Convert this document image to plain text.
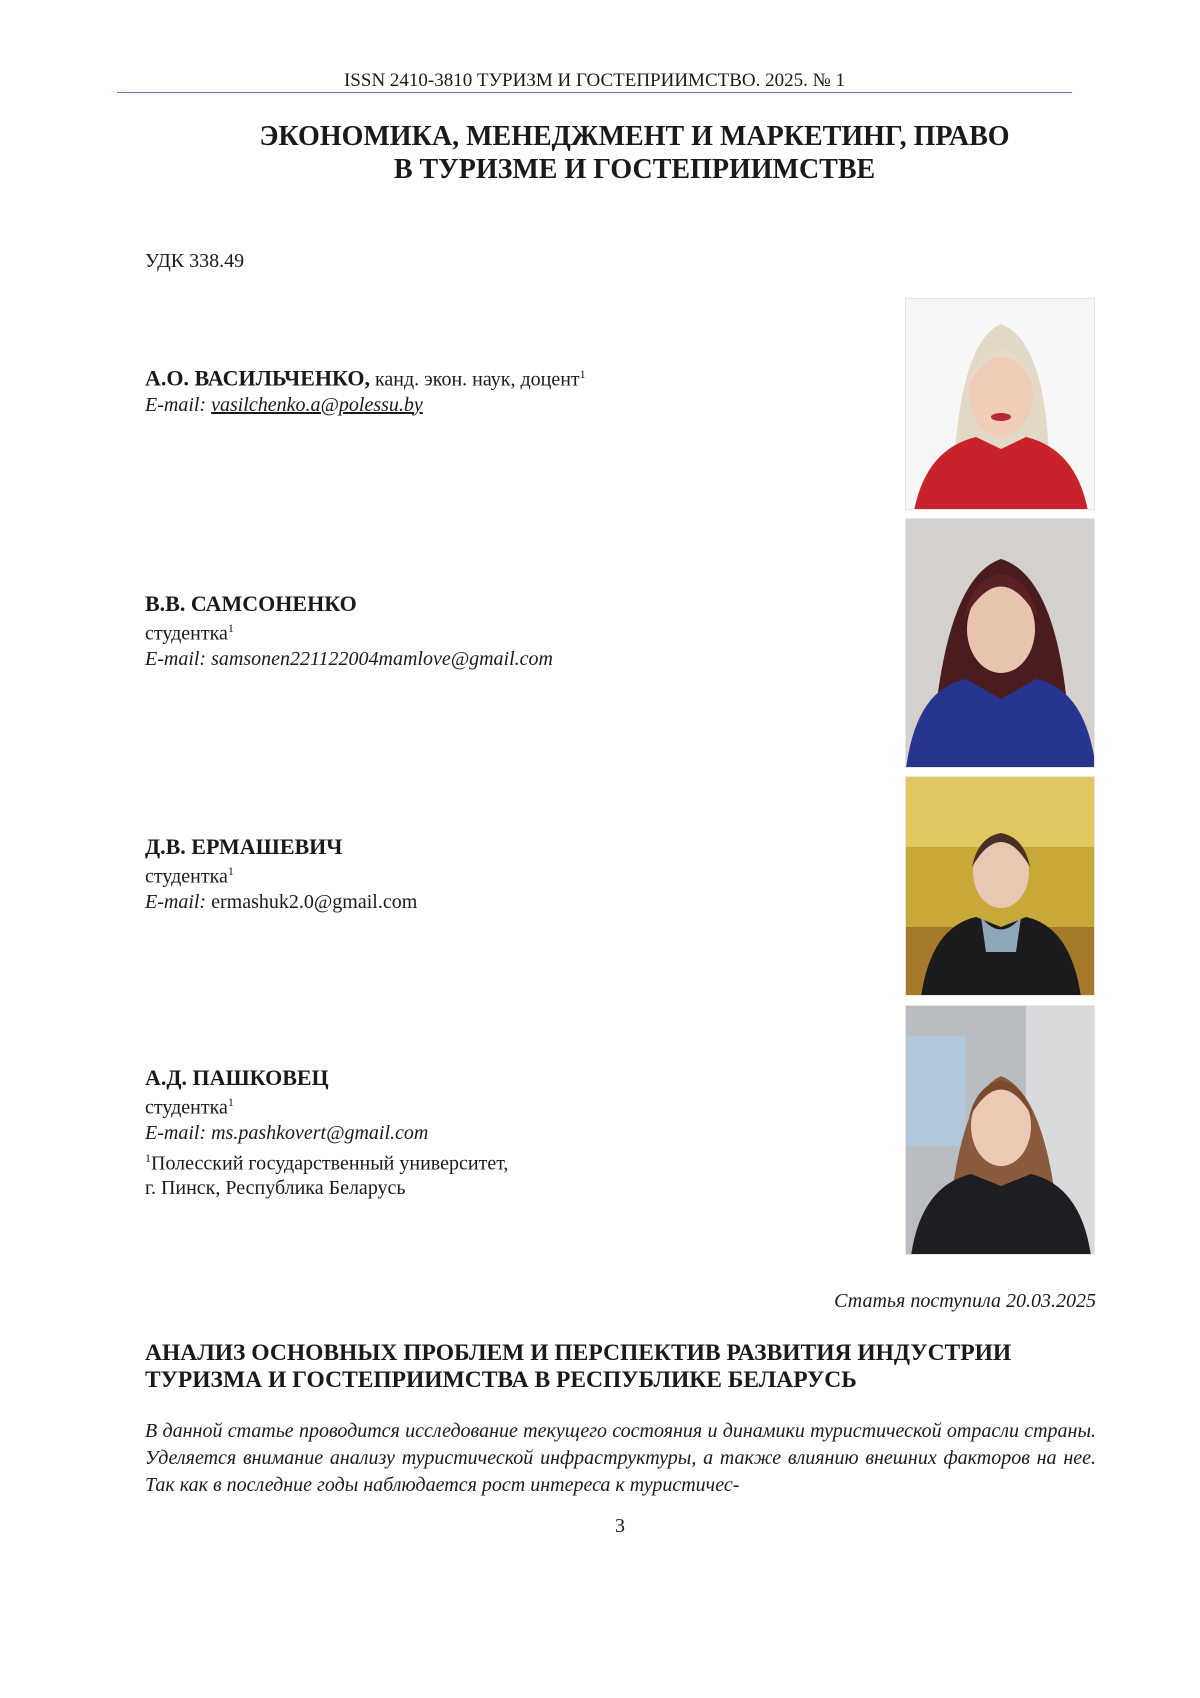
ISSN 2410-3810 ТУРИЗМ И ГОСТЕПРИИМСТВО. 2025. № 1
ЭКОНОМИКА, МЕНЕДЖМЕНТ И МАРКЕТИНГ, ПРАВО
В ТУРИЗМЕ И ГОСТЕПРИИМСТВЕ
УДК 338.49
А.О. ВАСИЛЬЧЕНКО, канд. экон. наук, доцент$^1$
E-mail: vasilchenko.a@polessu.by
В.В. САМСОНЕНКО
студентка$^1$
E-mail: samsonen221122004mamlove@gmail.com
Д.В. ЕРМАШЕВИЧ
студентка$^1$
E-mail: ermashuk2.0@gmail.com
А.Д. ПАШКОВЕЦ
студентка$^1$
E-mail: ms.pashkovert@gmail.com
$^1$Полесский государственный университет,
г. Пинск, Республика Беларусь
Статья поступила 20.03.2025
АНАЛИЗ ОСНОВНЫХ ПРОБЛЕМ И ПЕРСПЕКТИВ РАЗВИТИЯ ИНДУСТРИИ
ТУРИЗМА И ГОСТЕПРИИМСТВА В РЕСПУБЛИКЕ БЕЛАРУСЬ
В данной статье проводится исследование текущего состояния и динамики туристической отрасли страны. Уделяется внимание анализу туристической инфраструктуры, а также влиянию внешних факторов на нее. Так как в последние годы наблюдается рост интереса к туристичес-
3
